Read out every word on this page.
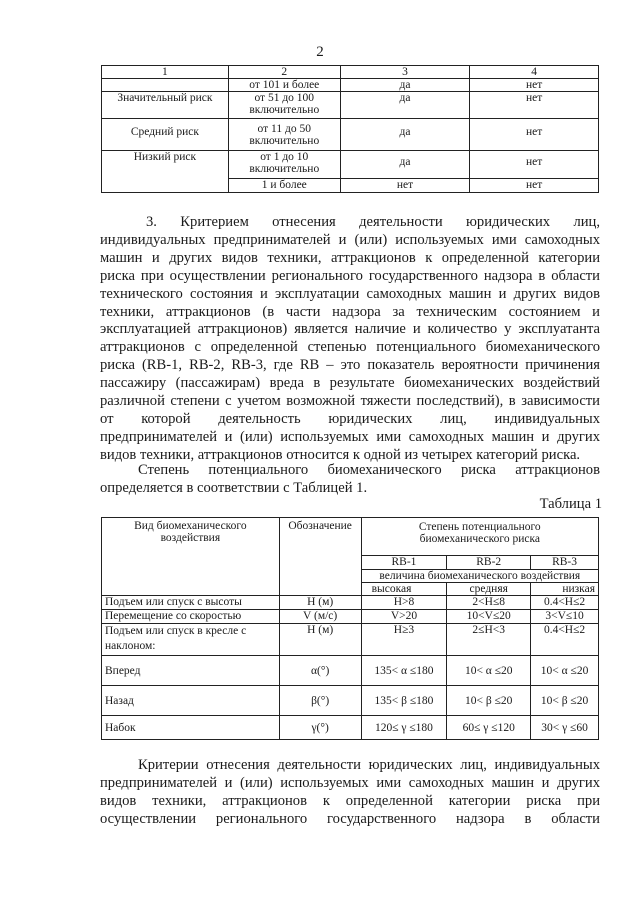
2
1	2	3	4
	от 101 и более	да	нет
Значительный риск	от 51 до 100 включительно	да	нет
Средний риск	от 11 до 50 включительно	да	нет
Низкий риск	от 1 до 10 включительно	да	нет
	1 и более	нет	нет
3. Критерием отнесения деятельности юридических лиц,
индивидуальных предпринимателей и (или) используемых ими самоходных
машин и других видов техники, аттракционов к определенной категории
риска при осуществлении регионального государственного надзора в области
технического состояния и эксплуатации самоходных машин и других видов
техники, аттракционов (в части надзора за техническим состоянием и
эксплуатацией аттракционов) является наличие и количество у эксплуатанта
аттракционов с определенной степенью потенциального биомеханического
риска (RB-1, RB-2, RB-3, где RB – это показатель вероятности причинения
пассажиру (пассажирам) вреда в результате биомеханических воздействий
различной степени с учетом возможной тяжести последствий), в зависимости
от которой деятельность юридических лиц, индивидуальных
предпринимателей и (или) используемых ими самоходных машин и других
видов техники, аттракционов относится к одной из четырех категорий риска.
Степень потенциального биомеханического риска аттракционов
определяется в соответствии с Таблицей 1.
Таблица 1
Вид биомеханического воздействия	Обозначение	Степень потенциального биомеханического риска		
		RB-1	RB-2	RB-3
		величина биомеханического воздействия		
		высокая	средняя	низкая
Подъем или спуск с высоты	H (м)	H>8	2<H≤8	0.4<H≤2
Перемещение со скоростью	V (м/с)	V>20	10<V≤20	3<V≤10
Подъем или спуск в кресле с наклоном:	H (м)	H≥3	2≤H<3	0.4<H≤2
Вперед	α(°)	135< α ≤180	10< α ≤20	10< α ≤20
Назад	β(°)	135< β ≤180	10< β ≤20	10< β ≤20
Набок	γ(°)	120≤ γ ≤180	60≤ γ ≤120	30< γ ≤60
Критерии отнесения деятельности юридических лиц, индивидуальных
предпринимателей и (или) используемых ими самоходных машин и других
видов техники, аттракционов к определенной категории риска при
осуществлении регионального государственного надзора в области
